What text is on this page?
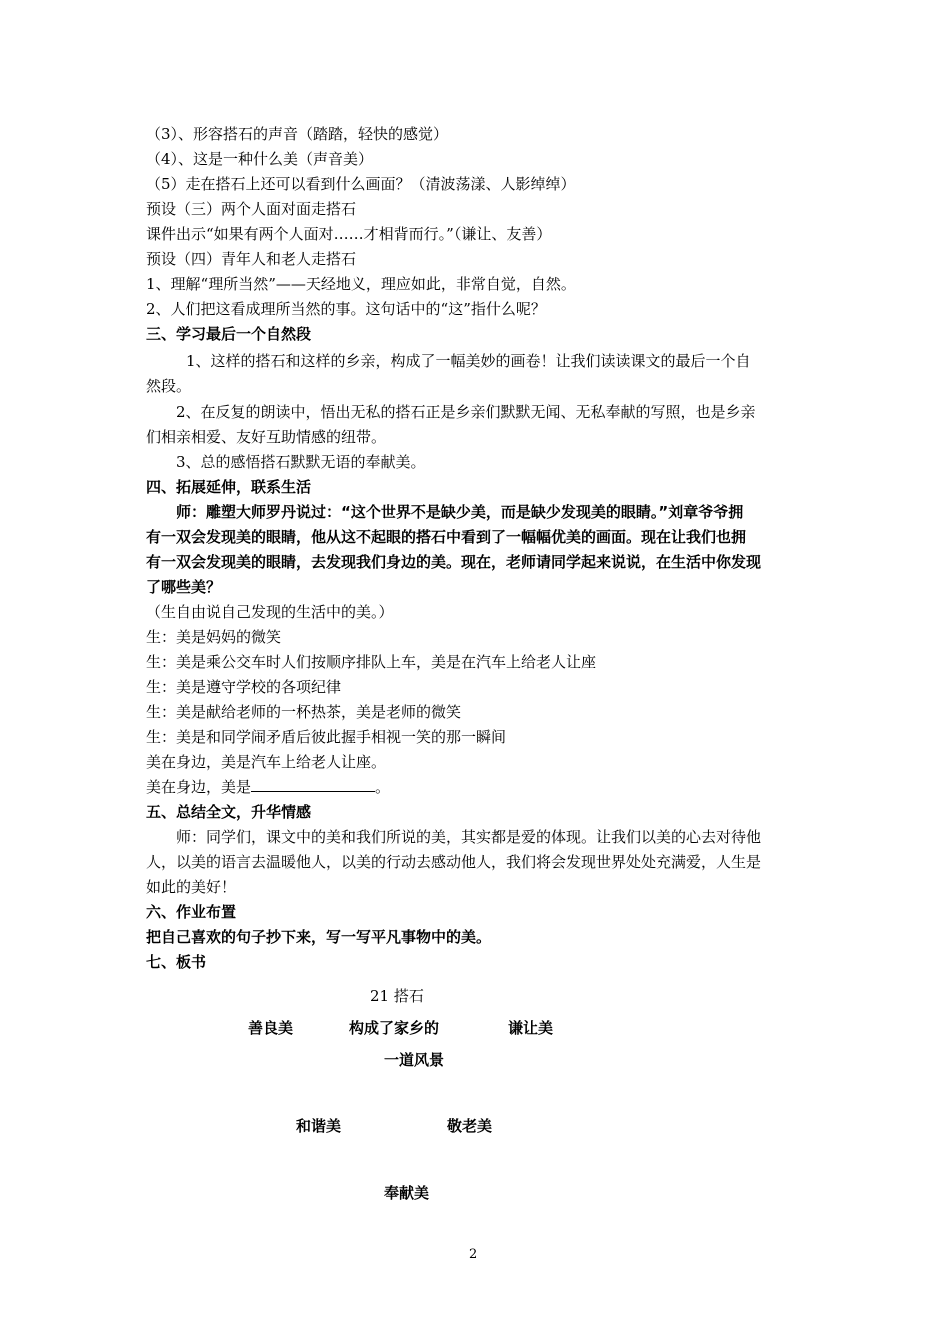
（3）、形容搭石的声音（踏踏，轻快的感觉）
（4）、这是一种什么美（声音美）
（5）走在搭石上还可以看到什么画面？（清波荡漾、人影绰绰）
预设（三）两个人面对面走搭石
课件出示“如果有两个人面对……才相背而行。”（谦让、友善）
预设（四）青年人和老人走搭石
1、理解“理所当然”——天经地义，理应如此，非常自觉，自然。
2、人们把这看成理所当然的事。这句话中的“这”指什么呢？
三、学习最后一个自然段
1、这样的搭石和这样的乡亲，构成了一幅美妙的画卷！让我们读读课文的最后一个自
然段。
2、在反复的朗读中，悟出无私的搭石正是乡亲们默默无闻、无私奉献的写照，也是乡亲
们相亲相爱、友好互助情感的纽带。
3、总的感悟搭石默默无语的奉献美。
四、拓展延伸，联系生活
师：雕塑大师罗丹说过：“这个世界不是缺少美，而是缺少发现美的眼睛。”刘章爷爷拥
有一双会发现美的眼睛，他从这不起眼的搭石中看到了一幅幅优美的画面。现在让我们也拥
有一双会发现美的眼睛，去发现我们身边的美。现在，老师请同学起来说说，在生活中你发现
了哪些美？
（生自由说自己发现的生活中的美。）
生：美是妈妈的微笑
生：美是乘公交车时人们按顺序排队上车，美是在汽车上给老人让座
生：美是遵守学校的各项纪律
生：美是献给老师的一杯热茶，美是老师的微笑
生：美是和同学闹矛盾后彼此握手相视一笑的那一瞬间
美在身边，美是汽车上给老人让座。
美在身边，美是	。
五、总结全文，升华情感
师：同学们，课文中的美和我们所说的美，其实都是爱的体现。让我们以美的心去对待他
人，以美的语言去温暖他人，以美的行动去感动他人，我们将会发现世界处处充满爱，人生是
如此的美好！
六、作业布置
把自己喜欢的句子抄下来，写一写平凡事物中的美。
七、板书
21 搭石
善良美	构成了家乡的	谦让美
一道风景
和谐美	敬老美
奉献美
2
